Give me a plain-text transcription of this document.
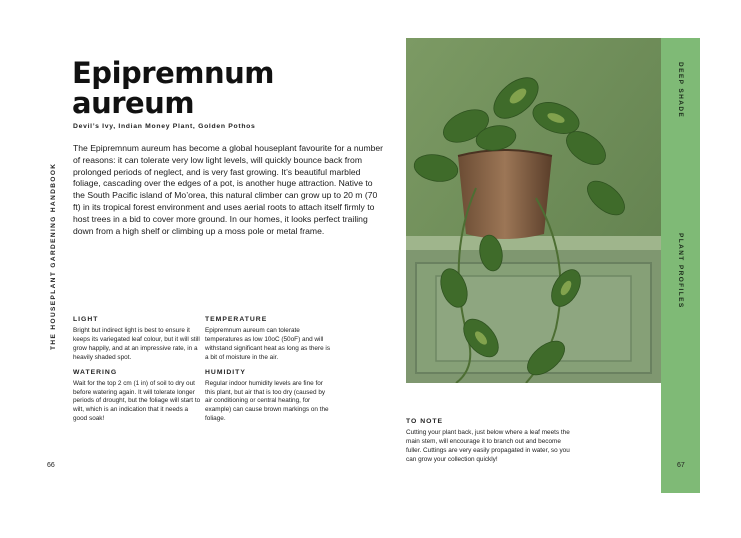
THE HOUSEPLANT GARDENING HANDBOOK
Epipremnum
aureum
Devil’s Ivy, Indian Money Plant, Golden Pothos
The Epipremnum aureum has become a global houseplant favourite for a number of reasons: it can tolerate very low light levels, will quickly bounce back from prolonged periods of neglect, and is very fast growing. It’s beautiful marbled foliage, cascading over the edges of a pot, is another huge attraction. Native to the South Pacific island of Mo’orea, this natural climber can grow up to 20 m (70 ft) in its tropical forest environment and uses aerial roots to attach itself firmly to host trees in a bid to cover more ground. In our homes, it looks perfect trailing down from a high shelf or climbing up a moss pole or metal frame.
LIGHT

Bright but indirect light is best to ensure it keeps its variegated leaf colour, but it will still grow happily, and at an impressive rate, in a heavily shaded spot.

WATERING

Wait for the top 2 cm (1 in) of soil to dry out before watering again. It will tolerate longer periods of drought, but the foliage will start to wilt, which is an indication that it needs a good soak!

TEMPERATURE

Epipremnum aureum can tolerate temperatures as low 10oC (50oF) and will withstand significant heat as long as there is a bit of moisture in the air.

HUMIDITY

Regular indoor humidity levels are fine for this plant, but air that is too dry (caused by air conditioning or central heating, for example) can cause brown markings on the foliage.

66
DEEP SHADE
PLANT PROFILES
TO NOTE

Cutting your plant back, just below where a leaf meets the main stem, will encourage it to branch out and become fuller. Cuttings are very easily propagated in water, so you can grow your collection quickly!

67
